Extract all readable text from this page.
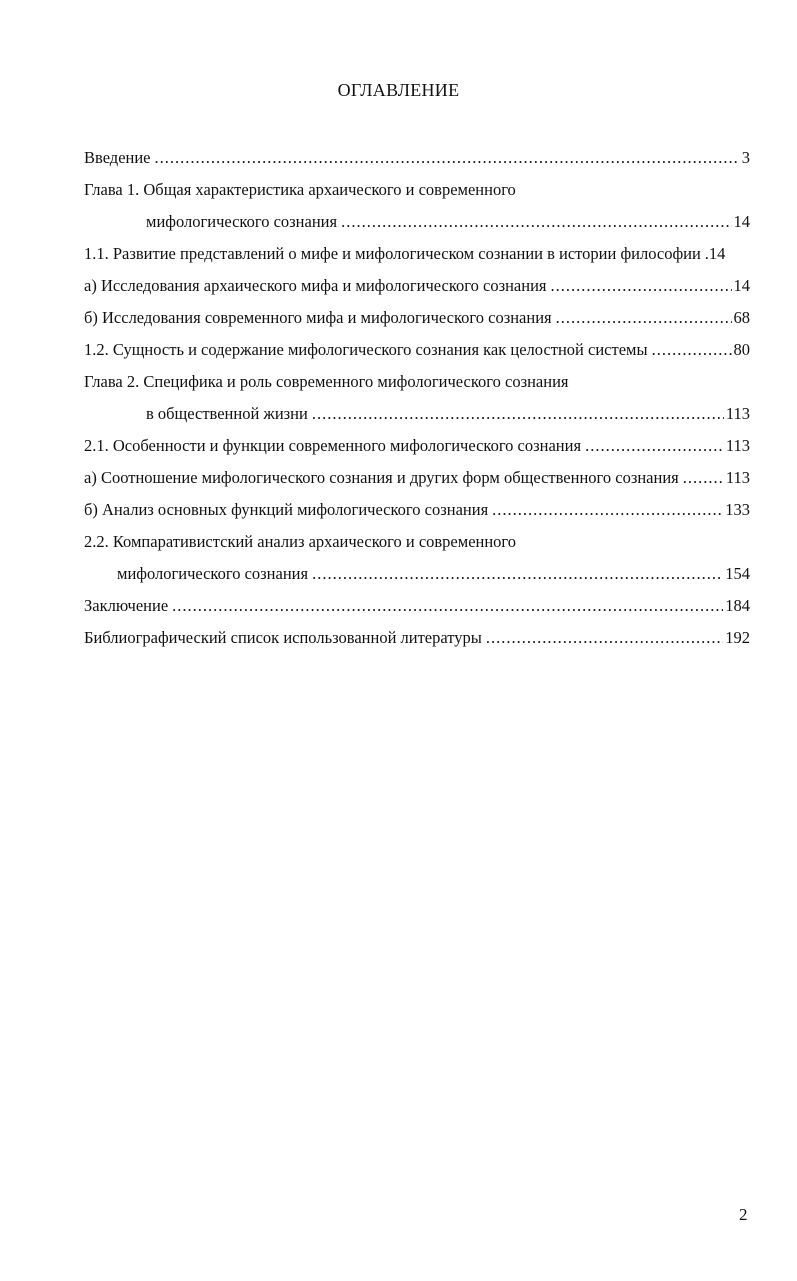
ОГЛАВЛЕНИЕ
Введение .....	3
Глава 1. Общая характеристика архаического и современного
мифологического сознания .....	14
1.1. Развитие представлений о мифе и мифологическом сознании в истории философии .14
а) Исследования архаического мифа и мифологического сознания .....	14
б) Исследования современного мифа и мифологического сознания .....	68
1.2. Сущность и содержание мифологического сознания как целостной системы .....	80
Глава 2. Специфика и роль современного мифологического сознания
в общественной жизни .....	113
2.1. Особенности и функции современного мифологического сознания .....	113
а) Соотношение мифологического сознания и других форм общественного сознания .....	113
б) Анализ основных функций мифологического сознания .....	133
2.2. Компаративистский анализ архаического и современного
мифологического сознания .....	154
Заключение .....	184
Библиографический список использованной литературы .....	192
2
